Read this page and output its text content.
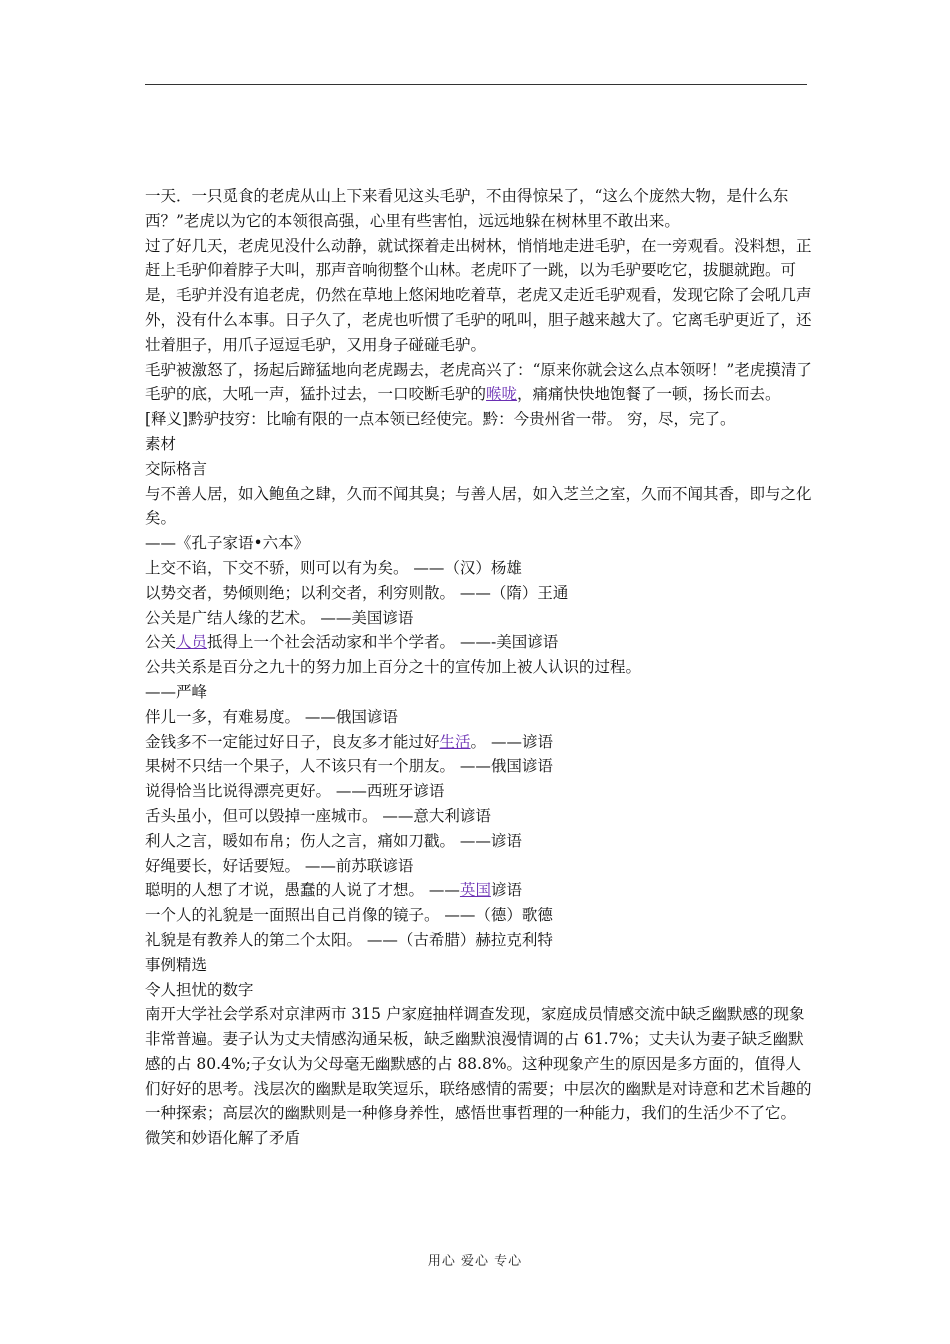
一天．一只觅食的老虎从山上下来看见这头毛驴，不由得惊呆了，“这么个庞然大物，是什么东西？”老虎以为它的本领很高强，心里有些害怕，远远地躲在树林里不敢出来。

过了好几天，老虎见没什么动静，就试探着走出树林，悄悄地走进毛驴，在一旁观看。没料想，正赶上毛驴仰着脖子大叫，那声音响彻整个山林。老虎吓了一跳，以为毛驴要吃它，拔腿就跑。可是，毛驴并没有追老虎，仍然在草地上悠闲地吃着草，老虎又走近毛驴观看，发现它除了会吼几声外，没有什么本事。日子久了，老虎也听惯了毛驴的吼叫，胆子越来越大了。它离毛驴更近了，还壮着胆子，用爪子逗逗毛驴，又用身子碰碰毛驴。

毛驴被激怒了，扬起后蹄猛地向老虎踢去，老虎高兴了：“原来你就会这么点本领呀！”老虎摸清了毛驴的底，大吼一声，猛扑过去，一口咬断毛驴的喉咙，痛痛快快地饱餐了一顿，扬长而去。

[释义]黔驴技穷：比喻有限的一点本领已经使完。黔：今贵州省一带。 穷，尽，完了。

素材

交际格言

与不善人居，如入鲍鱼之肆，久而不闻其臭；与善人居，如入芝兰之室，久而不闻其香，即与之化矣。

——《孔子家语•六本》

上交不谄，下交不骄，则可以有为矣。 ——（汉）杨雄

以势交者，势倾则绝；以利交者，利穷则散。 ——（隋）王通

公关是广结人缘的艺术。 ——美国谚语

公关人员抵得上一个社会活动家和半个学者。 ——-美国谚语

公共关系是百分之九十的努力加上百分之十的宣传加上被人认识的过程。

——严峰

伴儿一多，有难易度。 ——俄国谚语

金钱多不一定能过好日子，良友多才能过好生活。 ——谚语

果树不只结一个果子，人不该只有一个朋友。 ——俄国谚语

说得恰当比说得漂亮更好。 ——西班牙谚语

舌头虽小，但可以毁掉一座城市。 ——意大利谚语

利人之言，暖如布帛；伤人之言，痛如刀戳。 ——谚语

好绳要长，好话要短。 ——前苏联谚语

聪明的人想了才说，愚蠢的人说了才想。 ——英国谚语

一个人的礼貌是一面照出自己肖像的镜子。 ——（德）歌德

礼貌是有教养人的第二个太阳。 ——（古希腊）赫拉克利特

事例精选

令人担忧的数字

南开大学社会学系对京津两市 315 户家庭抽样调查发现，家庭成员情感交流中缺乏幽默感的现象非常普遍。妻子认为丈夫情感沟通呆板，缺乏幽默浪漫情调的占 61.7%；丈夫认为妻子缺乏幽默感的占 80.4%;子女认为父母毫无幽默感的占 88.8%。这种现象产生的原因是多方面的，值得人们好好的思考。浅层次的幽默是取笑逗乐，联络感情的需要；中层次的幽默是对诗意和艺术旨趣的一种探索；高层次的幽默则是一种修身养性，感悟世事哲理的一种能力，我们的生活少不了它。

微笑和妙语化解了矛盾

用心 爱心 专心
